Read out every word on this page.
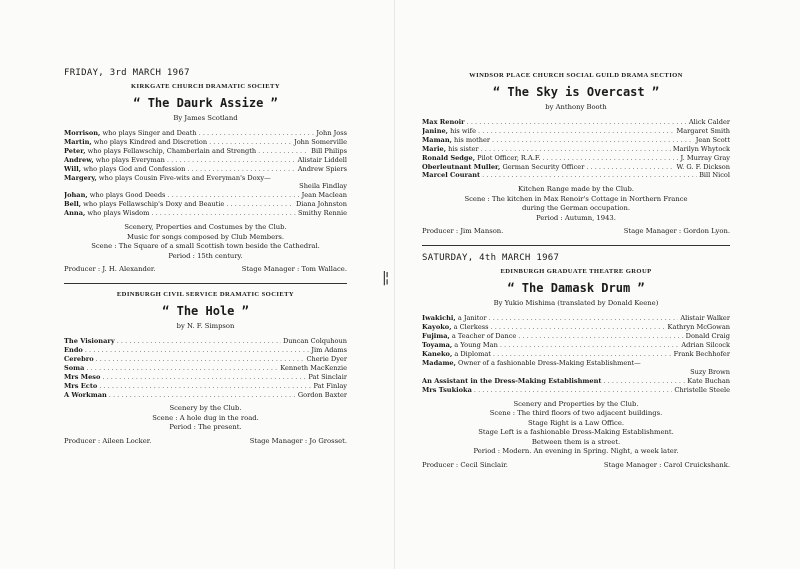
FRIDAY, 3rd MARCH 1967

KIRKGATE CHURCH DRAMATIC SOCIETY

“ The Daurk Assize ”

By James Scotland

Morrison, who plays Singer and Death . . .	John Joss
Martin, who plays Kindred and Discretion . . .	John Somerville
Peter, who plays Fellawschip, Chamberlain and Strength . . .	Bill Philips
Andrew, who plays Everyman . . .	Alistair Liddell
Will, who plays God and Confession . . .	Andrew Spiers
Margery, who plays Cousin Five-wits and Everyman's Doxy—
Sheila Findlay
Johan, who plays Good Deeds . . .	Jean Maclean
Bell, who plays Fellawschip's Doxy and Beautie . . .	Diana Johnston
Anna, who plays Wisdom . . .	Smithy Rennie

Scenery, Properties and Costumes by the Club.

Music for songs composed by Club Members.

Scene : The Square of a small Scottish town beside the Cathedral.

Period : 15th century.

Producer : J. H. Alexander.	Stage Manager : Tom Wallace.

EDINBURGH CIVIL SERVICE DRAMATIC SOCIETY

“ The Hole ”

by N. F. Simpson

The Visionary . . .	Duncan Colquhoun
Endo . . .	Jim Adams
Cerebro . . .	Cherie Dyer
Soma . . .	Kenneth MacKenzie
Mrs Meso . . .	Pat Sinclair
Mrs Ecto . . .	Pat Finlay
A Workman . . .	Gordon Baxter

Scenery by the Club.

Scene : A hole dug in the road.

Period : The present.

Producer : Aileen Locker.	Stage Manager : Jo Grosset.
|¦

WINDSOR PLACE CHURCH SOCIAL GUILD DRAMA SECTION

“ The Sky is Overcast ”

by Anthony Booth

Max Renoir . . .	Alick Calder
Janine, his wife . . .	Margaret Smith
Maman, his mother . . .	Jean Scott
Marie, his sister . . .	Marilyn Whytock
Ronald Sedge, Pilot Officer, R.A.F. . . .	J. Murray Gray
Oberleutnant Muller, German Security Officer . . .	W. G. F. Dickson
Marcel Courant . . .	Bill Nicol

Kitchen Range made by the Club.

Scene : The kitchen in Max Renoir's Cottage in Northern France

during the German occupation.

Period : Autumn, 1943.

Producer : Jim Manson.	Stage Manager : Gordon Lyon.

SATURDAY, 4th MARCH 1967

EDINBURGH GRADUATE THEATRE GROUP

“ The Damask Drum ”

By Yukio Mishima (translated by Donald Keene)

Iwakichi, a Janitor . . .	Alistair Walker
Kayoko, a Clerkess . . .	Kathryn McGowan
Fujima, a Teacher of Dance . . .	Donald Craig
Toyama, a Young Man . . .	Adrian Silcock
Kaneko, a Diplomat . . .	Frank Bechhofer
Madame, Owner of a fashionable Dress-Making Establishment—
Suzy Brown
An Assistant in the Dress-Making Establishment . . .	Kate Buchan
Mrs Tsukioka . . .	Christelle Steele

Scenery and Properties by the Club.

Scene : The third floors of two adjacent buildings.

Stage Right is a Law Office.

Stage Left is a fashionable Dress-Making Establishment.

Between them is a street.

Period : Modern. An evening in Spring. Night, a week later.

Producer : Cecil Sinclair.	Stage Manager : Carol Cruickshank.
